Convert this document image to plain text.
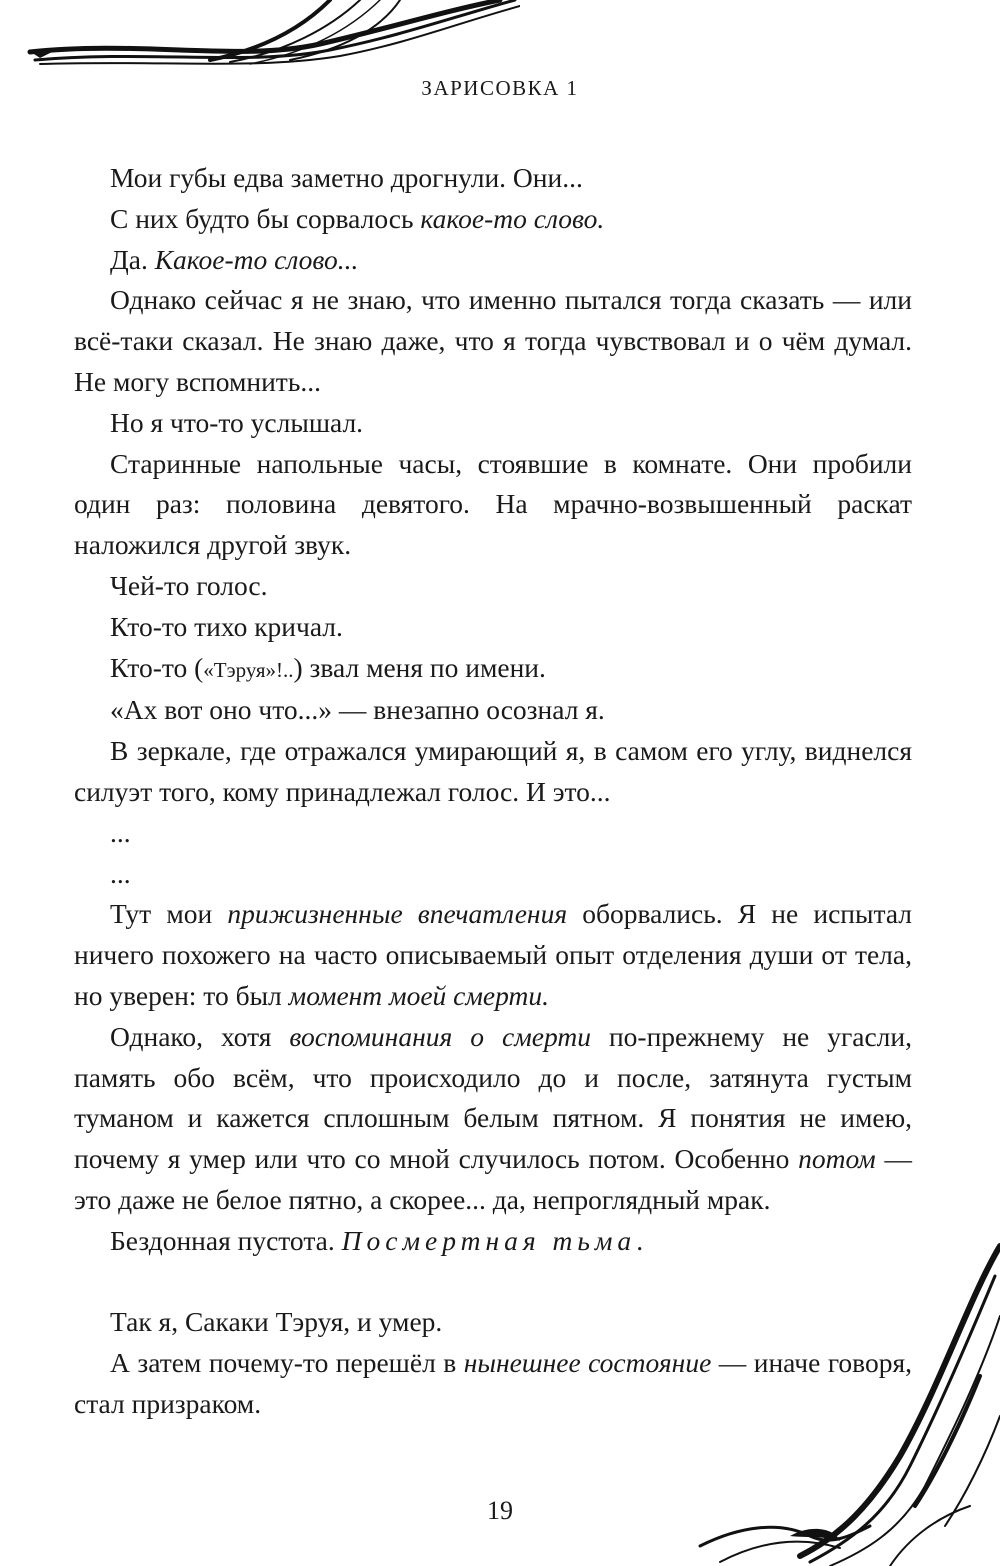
ЗАРИСОВКА 1

Мои губы едва заметно дрогнули. Они...

С них будто бы сорвалось какое-то слово.

Да. Какое-то слово...

Однако сейчас я не знаю, что именно пытался тогда сказать — или всё-таки сказал. Не знаю даже, что я тогда чувствовал и о чём думал. Не могу вспомнить...

Но я что-то услышал.

Старинные напольные часы, стоявшие в комнате. Они пробили один раз: половина девятого. На мрачно-возвышенный раскат наложился другой звук.

Чей-то голос.

Кто-то тихо кричал.

Кто-то («Тэруя»!..) звал меня по имени.

«Ах вот оно что...» — внезапно осознал я.

В зеркале, где отражался умирающий я, в самом его углу, виднелся силуэт того, кому принадлежал голос. И это...

...

...

Тут мои прижизненные впечатления оборвались. Я не испытал ничего похожего на часто описываемый опыт отделения души от тела, но уверен: то был момент моей смерти.

Однако, хотя воспоминания о смерти по-прежнему не угасли, память обо всём, что происходило до и после, затянута густым туманом и кажется сплошным белым пятном. Я понятия не имею, почему я умер или что со мной случилось потом. Особенно потом — это даже не белое пятно, а скорее... да, непроглядный мрак.

Бездонная пустота. Посмертная тьма.

Так я, Сакаки Тэруя, и умер.

А затем почему-то перешёл в нынешнее состояние — иначе говоря, стал призраком.

19
